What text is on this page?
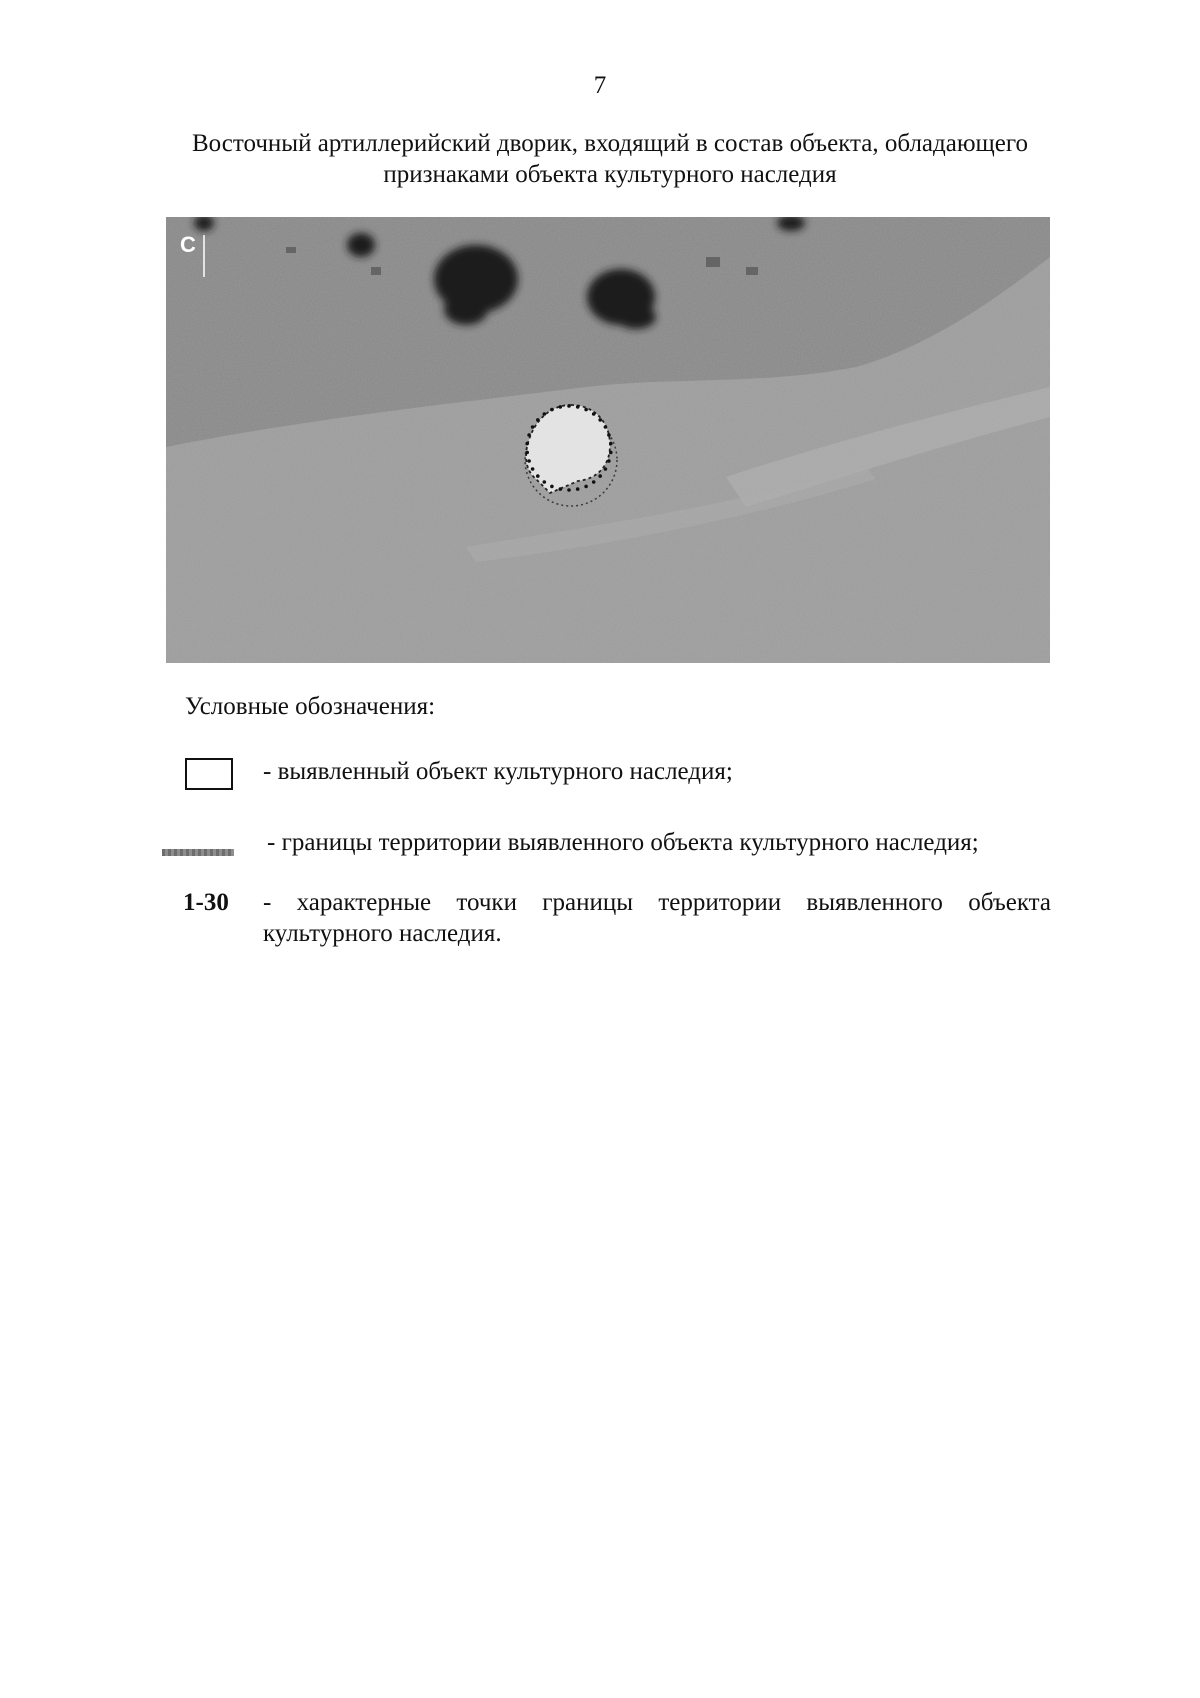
7
Восточный артиллерийский дворик, входящий в состав объекта, обладающего признаками объекта культурного наследия
С
Условные обозначения:
- выявленный объект культурного наследия;
- границы территории выявленного объекта культурного наследия;
1-30 - характерные точки границы территории выявленного объекта культурного наследия.
